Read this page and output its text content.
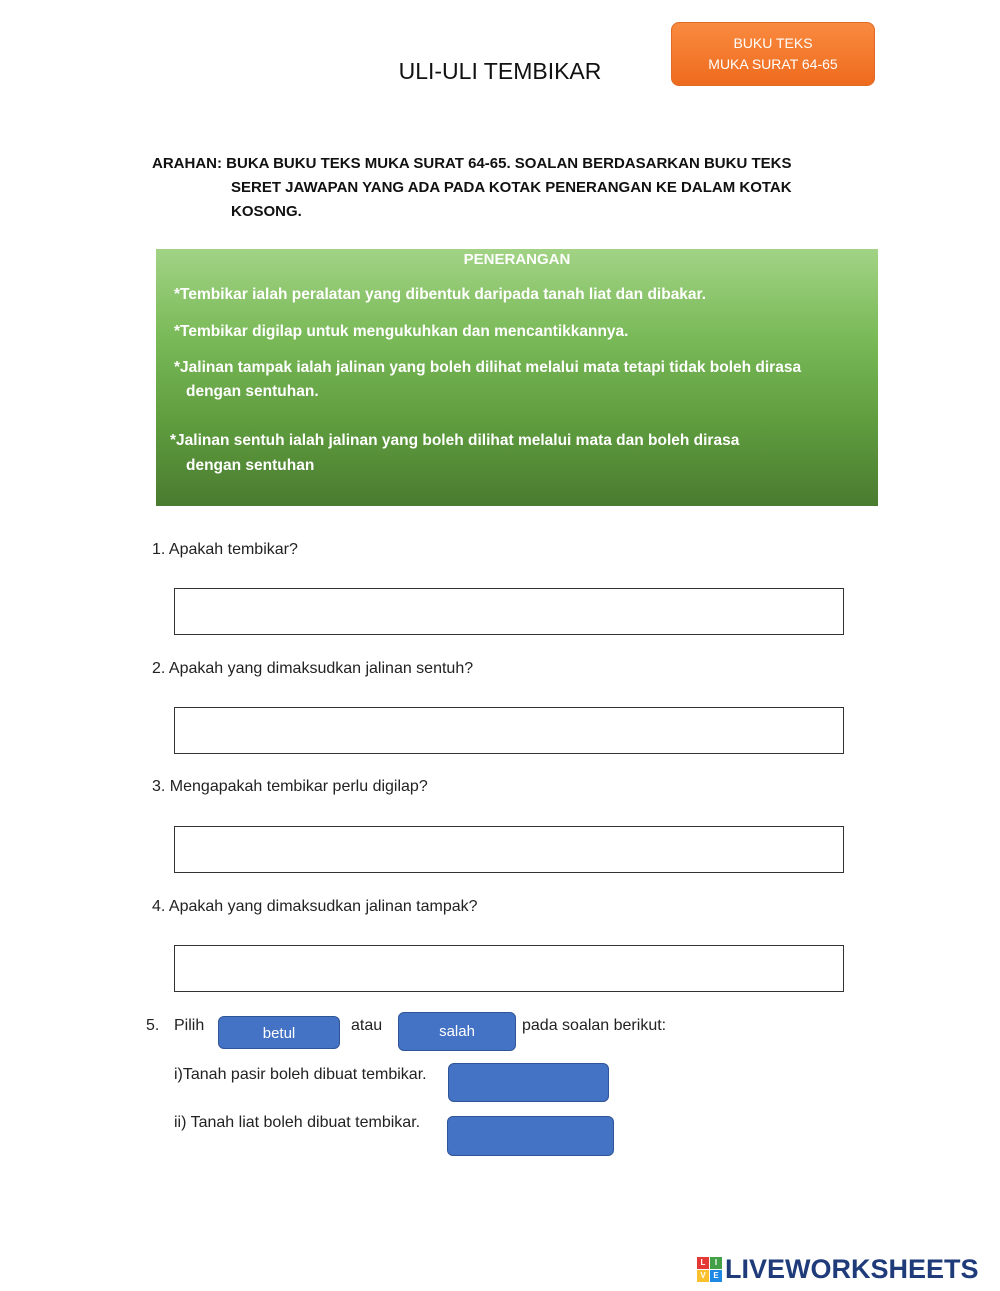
BUKU TEKS
MUKA SURAT 64-65
ULI-ULI TEMBIKAR
ARAHAN: BUKA BUKU TEKS MUKA SURAT 64-65. SOALAN BERDASARKAN BUKU TEKS
SERET JAWAPAN YANG ADA PADA KOTAK PENERANGAN KE DALAM KOTAK
KOSONG.
PENERANGAN
*Tembikar ialah peralatan yang dibentuk daripada tanah liat dan dibakar.
*Tembikar digilap untuk mengukuhkan dan mencantikkannya.
*Jalinan tampak ialah jalinan yang boleh dilihat melalui mata tetapi tidak boleh dirasa
dengan sentuhan.
*Jalinan sentuh ialah jalinan yang boleh dilihat melalui mata dan boleh dirasa
dengan sentuhan
1. Apakah tembikar?
2. Apakah yang dimaksudkan jalinan sentuh?
3. Mengapakah tembikar perlu digilap?
4. Apakah yang dimaksudkan jalinan tampak?
5. Pilih	betul	atau	salah	pada soalan berikut:
i)Tanah pasir boleh dibuat tembikar.
ii) Tanah liat boleh dibuat tembikar.
L	I
V E LIVEWORKSHEETS
